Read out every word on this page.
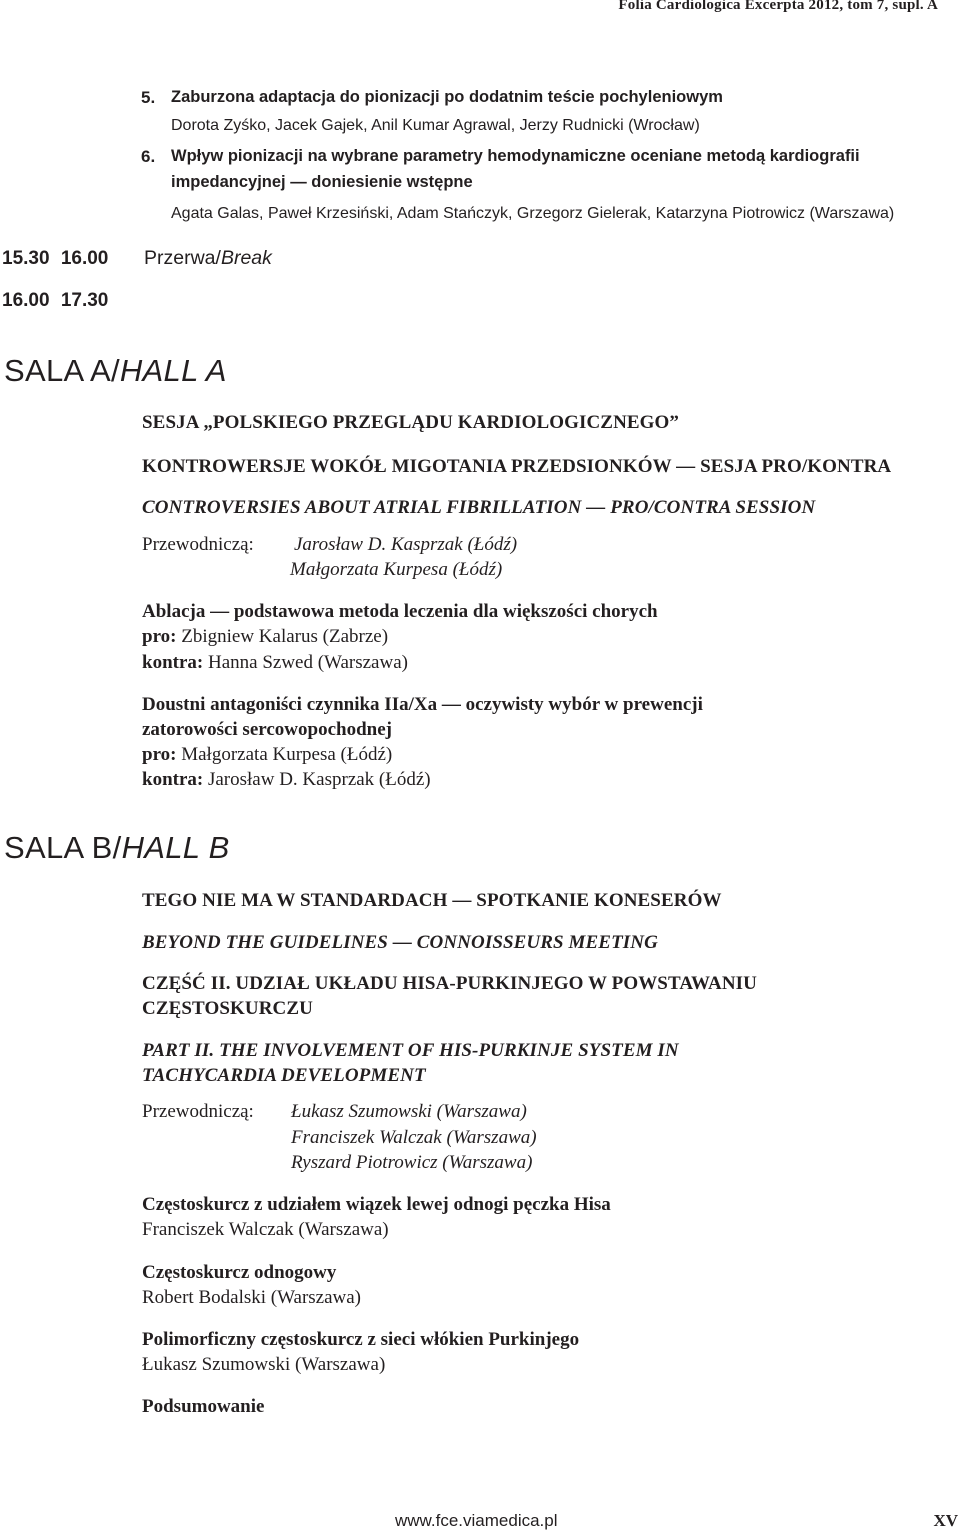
Folia Cardiologica Excerpta 2012, tom 7, supl. A
5. Zaburzona adaptacja do pionizacji po dodatnim teście pochyleniowym
Dorota Zyśko, Jacek Gajek, Anil Kumar Agrawal, Jerzy Rudnicki (Wrocław)
6. Wpływ pionizacji na wybrane parametry hemodynamiczne oceniane metodą kardiografii
impedancyjnej — doniesienie wstępne
Agata Galas, Paweł Krzesiński, Adam Stańczyk, Grzegorz Gielerak, Katarzyna Piotrowicz (Warszawa)
15.30 16.00 Przerwa/Break
16.00 17.30
SALA A/HALL A
SESJA „POLSKIEGO PRZEGLĄDU KARDIOLOGICZNEGO”
KONTROWERSJE WOKÓŁ MIGOTANIA PRZEDSIONKÓW — SESJA PRO/KONTRA
CONTROVERSIES ABOUT ATRIAL FIBRILLATION — PRO/CONTRA SESSION
Przewodniczą: Jarosław D. Kasprzak (Łódź)
Małgorzata Kurpesa (Łódź)
Ablacja — podstawowa metoda leczenia dla większości chorych
pro: Zbigniew Kalarus (Zabrze)
kontra: Hanna Szwed (Warszawa)
Doustni antagoniści czynnika IIa/Xa — oczywisty wybór w prewencji
zatorowości sercowopochodnej
pro: Małgorzata Kurpesa (Łódź)
kontra: Jarosław D. Kasprzak (Łódź)
SALA B/HALL B
TEGO NIE MA W STANDARDACH — SPOTKANIE KONESERÓW
BEYOND THE GUIDELINES — CONNOISSEURS MEETING
CZĘŚĆ II. UDZIAŁ UKŁADU HISA-PURKINJEGO W POWSTAWANIU
CZĘSTOSKURCZU
PART II. THE INVOLVEMENT OF HIS-PURKINJE SYSTEM IN
TACHYCARDIA DEVELOPMENT
Przewodniczą: Łukasz Szumowski (Warszawa)
Franciszek Walczak (Warszawa)
Ryszard Piotrowicz (Warszawa)
Częstoskurcz z udziałem wiązek lewej odnogi pęczka Hisa
Franciszek Walczak (Warszawa)
Częstoskurcz odnogowy
Robert Bodalski (Warszawa)
Polimorficzny częstoskurcz z sieci włókien Purkinjego
Łukasz Szumowski (Warszawa)
Podsumowanie
www.fce.viamedica.pl	XV
